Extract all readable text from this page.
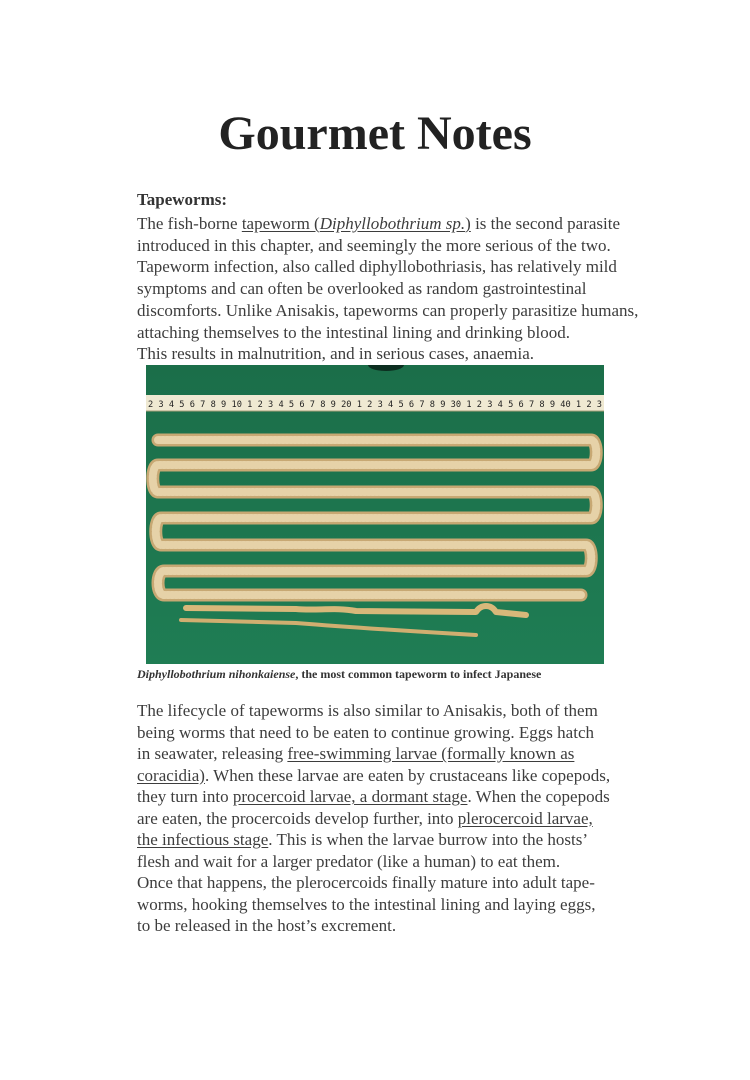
Gourmet Notes
Tapeworms:

The fish-borne tapeworm (Diphyllobothrium sp.) is the second parasite
introduced in this chapter, and seemingly the more serious of the two.
Tapeworm infection, also called diphyllobothriasis, has relatively mild
symptoms and can often be overlooked as random gastrointestinal
discomforts. Unlike Anisakis, tapeworms can properly parasitize humans,
attaching themselves to the intestinal lining and drinking blood.
This results in malnutrition, and in serious cases, anaemia.

2 3 4 5 6 7 8 9 10 1 2 3 4 5 6 7 8 9 20 1 2 3 4 5 6 7 8 9 30 1 2 3 4 5 6 7 8 9 40 1 2 3
Diphyllobothrium nihonkaiense, the most common tapeworm to infect Japanese

The lifecycle of tapeworms is also similar to Anisakis, both of them
being worms that need to be eaten to continue growing. Eggs hatch
in seawater, releasing free-swimming larvae (formally known as
coracidia). When these larvae are eaten by crustaceans like copepods,
they turn into procercoid larvae, a dormant stage. When the copepods
are eaten, the procercoids develop further, into plerocercoid larvae,
the infectious stage. This is when the larvae burrow into the hosts’
flesh and wait for a larger predator (like a human) to eat them.
Once that happens, the plerocercoids finally mature into adult tape-
worms, hooking themselves to the intestinal lining and laying eggs,
to be released in the host’s excrement.
